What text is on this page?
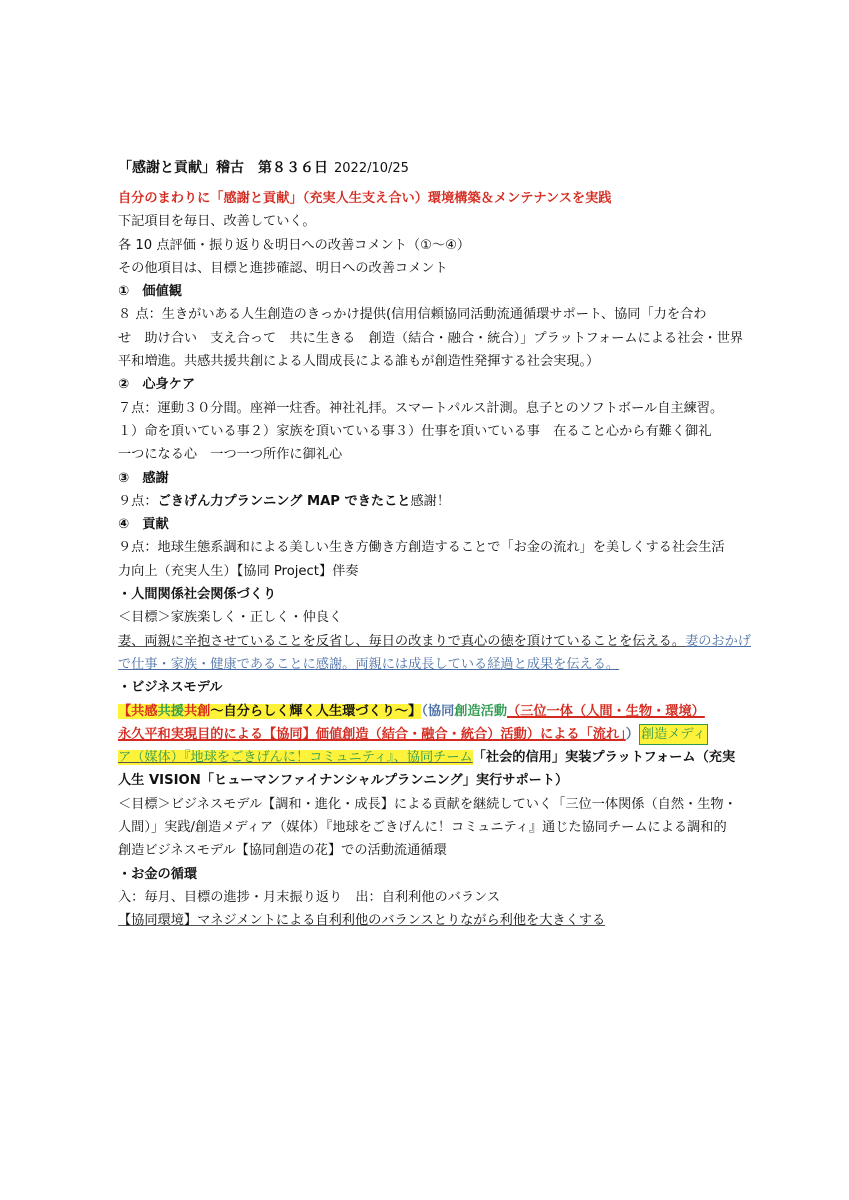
「感謝と貢献」稽古　第８３６日 2022/10/25
自分のまわりに「感謝と貢献」（充実人生支え合い）環境構築＆メンテナンスを実践
下記項目を毎日、改善していく。
各 10 点評価・振り返り＆明日への改善コメント（①～④）
その他項目は、目標と進捗確認、明日への改善コメント
①　価値観
８ 点：生きがいある人生創造のきっかけ提供(信用信頼協同活動流通循環サポート、協同「力を合わ
せ　助け合い　支え合って　共に生きる　創造（結合・融合・統合）」プラットフォームによる社会・世界
平和増進。共感共援共創による人間成長による誰もが創造性発揮する社会実現。）
②　心身ケア
７点：運動３０分間。座禅一炷香。神社礼拝。スマートパルス計測。息子とのソフトボール自主練習。
１）命を頂いている事２）家族を頂いている事３）仕事を頂いている事　在ること心から有難く御礼
一つになる心　一つ一つ所作に御礼心
③　感謝
９点：ごきげん力プランニング MAP できたこと感謝！
④　貢献
９点：地球生態系調和による美しい生き方働き方創造することで「お金の流れ」を美しくする社会生活
力向上（充実人生）【協同 Project】伴奏
・人間関係社会関係づくり
＜目標＞家族楽しく・正しく・仲良く
妻、両親に辛抱させていることを反省し、毎日の改まりで真心の徳を頂けていることを伝える。妻のおかげ
で仕事・家族・健康であることに感謝。両親には成長している経過と成果を伝える。
・ビジネスモデル
【共感共援共創～自分らしく輝く人生環づくり～】（協同創造活動（三位一体（人間・生物・環境）
永久平和実現目的による【協同】価値創造（結合・融合・統合）活動）による「流れ」） 創造メディ
ア（媒体）『地球をごきげんに！コミュニティ』、協同チーム「社会的信用」実装プラットフォーム（充実
人生 VISION「ヒューマンファイナンシャルプランニング」実行サポート）
＜目標＞ビジネスモデル【調和・進化・成長】による貢献を継続していく「三位一体関係（自然・生物・
人間）」実践/創造メディア（媒体）『地球をごきげんに！コミュニティ』通じた協同チームによる調和的
創造ビジネスモデル【協同創造の花】での活動流通循環
・お金の循環
入：毎月、目標の進捗・月末振り返り　出：自利利他のバランス
【協同環境】マネジメントによる自利利他のバランスとりながら利他を大きくする
